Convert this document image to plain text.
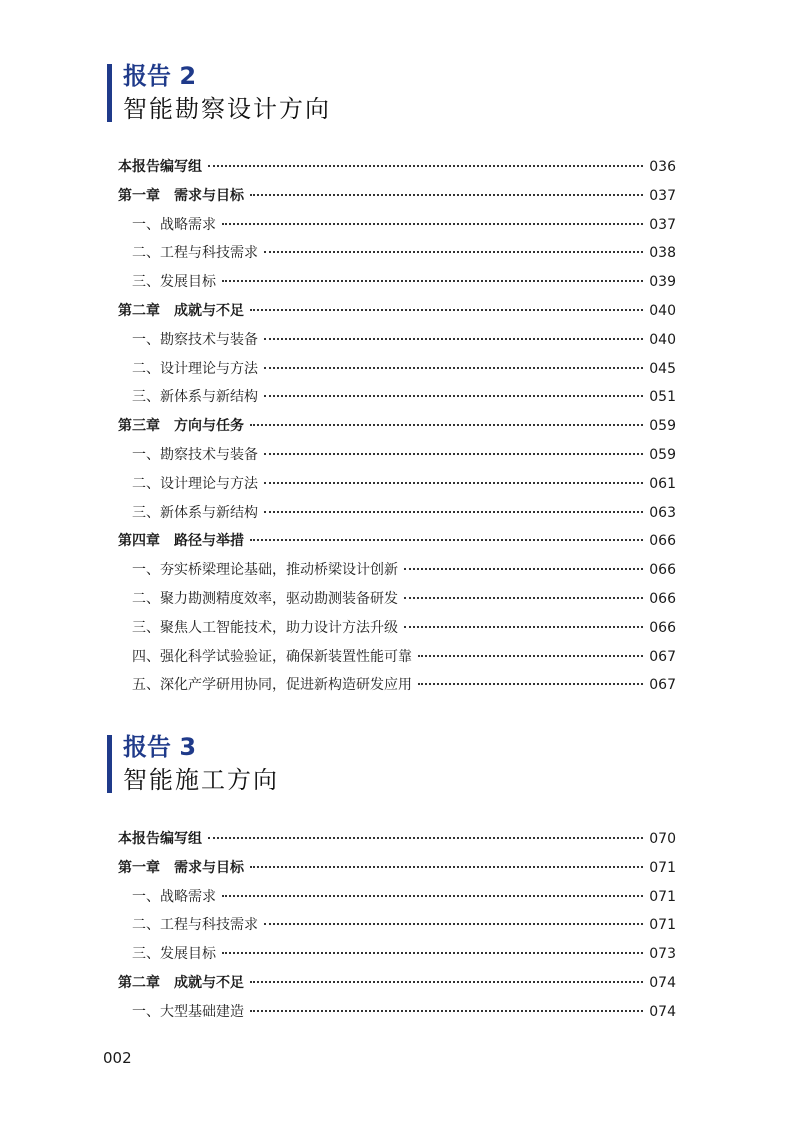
报告 2
智能勘察设计方向
本报告编写组	036
第一章　需求与目标	037
一、战略需求	037
二、工程与科技需求	038
三、发展目标	039
第二章　成就与不足	040
一、勘察技术与装备	040
二、设计理论与方法	045
三、新体系与新结构	051
第三章　方向与任务	059
一、勘察技术与装备	059
二、设计理论与方法	061
三、新体系与新结构	063
第四章　路径与举措	066
一、夯实桥梁理论基础，推动桥梁设计创新	066
二、聚力勘测精度效率，驱动勘测装备研发	066
三、聚焦人工智能技术，助力设计方法升级	066
四、强化科学试验验证，确保新装置性能可靠	067
五、深化产学研用协同，促进新构造研发应用	067
报告 3
智能施工方向
本报告编写组	070
第一章　需求与目标	071
一、战略需求	071
二、工程与科技需求	071
三、发展目标	073
第二章　成就与不足	074
一、大型基础建造	074
002
